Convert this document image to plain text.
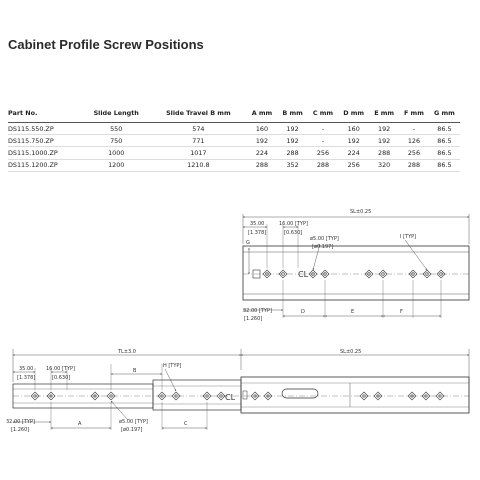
Cabinet Profile Screw Positions
Part No.	Slide Length	Slide Travel B mm	A mm	B mm	C mm	D mm	E mm	F mm	G mm
DS115.550.ZP	550	574	160	192	-	160	192	-	86.5
DS115.750.ZP	750	771	192	192	-	192	192	126	86.5
DS115.1000.ZP	1000	1017	224	288	256	224	288	256	86.5
DS115.1200.ZP	1200	1210.8	288	352	288	256	320	288	86.5
SL±0.25
35.00
[1.378]
16.00 [TYP]
[0.630]
ø5.00 [TYP]
[ø0.197]
I [TYP]
G
CL
32.00 [TYP]
[1.260]
D	E	F
TL±3.0	SL±0.25
35.00
[1.378]
16.00 [TYP]
[0.630]
B
H [TYP]
CL
32.00 [TYP]
[1.260]
A	ø5.00 [TYP]
[ø0.197]
C
